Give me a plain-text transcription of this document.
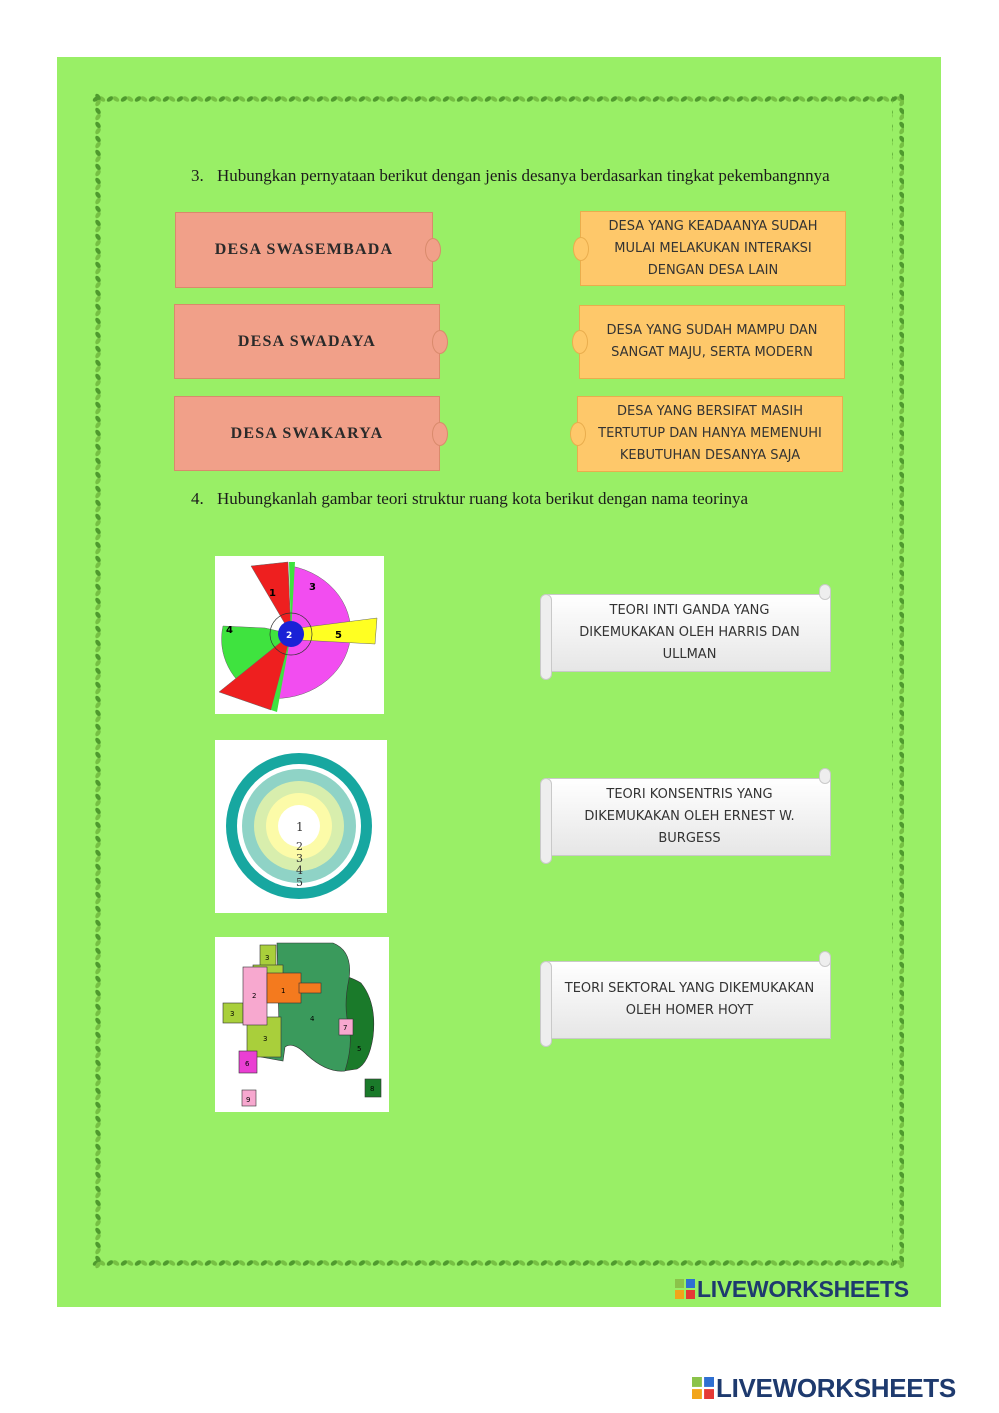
3. Hubungkan pernyataan berikut dengan jenis desanya berdasarkan tingkat pekembangnnya
DESA SWASEMBADA
DESA SWADAYA
DESA SWAKARYA
DESA YANG KEADAANYA SUDAH MULAI MELAKUKAN INTERAKSI DENGAN DESA LAIN
DESA YANG SUDAH MAMPU DAN SANGAT MAJU, SERTA MODERN
DESA YANG BERSIFAT MASIH TERTUTUP DAN HANYA MEMENUHI KEBUTUHAN DESANYA SAJA
4. Hubungkanlah gambar teori struktur ruang kota berikut dengan nama teorinya
1
2
3
4	5
1
2
3
4
5
1
2
3
3
3
4
5
6
7
8
9
TEORI INTI GANDA YANG DIKEMUKAKAN OLEH HARRIS DAN ULLMAN
TEORI KONSENTRIS YANG DIKEMUKAKAN OLEH ERNEST W. BURGESS
TEORI SEKTORAL YANG DIKEMUKAKAN OLEH HOMER HOYT
LIVEWORKSHEETS
LIVEWORKSHEETS
